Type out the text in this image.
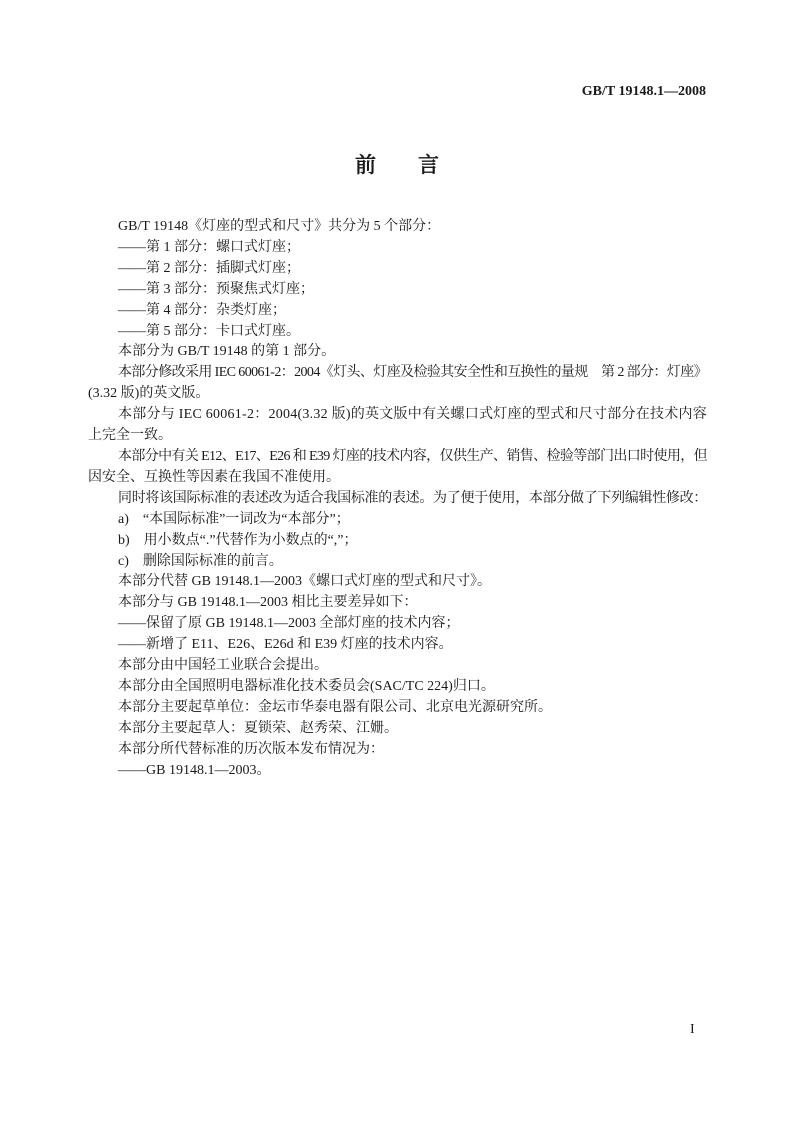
GB/T 19148.1—2008
前　言
GB/T 19148《灯座的型式和尺寸》共分为 5 个部分：
——第 1 部分：螺口式灯座；
——第 2 部分：插脚式灯座；
——第 3 部分：预聚焦式灯座；
——第 4 部分：杂类灯座；
——第 5 部分：卡口式灯座。
本部分为 GB/T 19148 的第 1 部分。
本部分修改采用 IEC 60061-2：2004《灯头、灯座及检验其安全性和互换性的量规　第 2 部分：灯座》
(3.32 版)的英文版。
本部分与 IEC 60061-2：2004(3.32 版)的英文版中有关螺口式灯座的型式和尺寸部分在技术内容
上完全一致。
本部分中有关 E12、E17、E26 和 E39 灯座的技术内容，仅供生产、销售、检验等部门出口时使用，但
因安全、互换性等因素在我国不准使用。
同时将该国际标准的表述改为适合我国标准的表述。为了便于使用，本部分做了下列编辑性修改：
a)　“本国际标准”一词改为“本部分”；
b)　用小数点“.”代替作为小数点的“,”；
c)　删除国际标准的前言。
本部分代替 GB 19148.1—2003《螺口式灯座的型式和尺寸》。
本部分与 GB 19148.1—2003 相比主要差异如下：
——保留了原 GB 19148.1—2003 全部灯座的技术内容；
——新增了 E11、E26、E26d 和 E39 灯座的技术内容。
本部分由中国轻工业联合会提出。
本部分由全国照明电器标准化技术委员会(SAC/TC 224)归口。
本部分主要起草单位：金坛市华泰电器有限公司、北京电光源研究所。
本部分主要起草人：夏锁荣、赵秀荣、江姗。
本部分所代替标准的历次版本发布情况为：
——GB 19148.1—2003。
I
